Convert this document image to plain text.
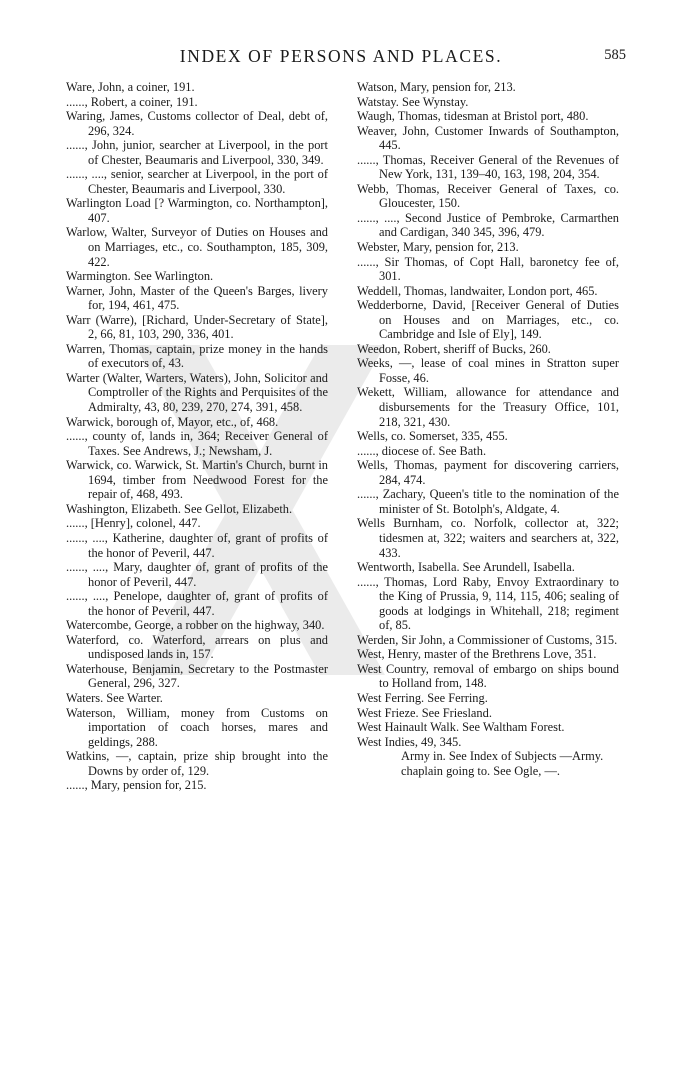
INDEX OF PERSONS AND PLACES.	585

Ware, John, a coiner, 191.

......, Robert, a coiner, 191.

Waring, James, Customs collector of Deal, debt of, 296, 324.

......, John, junior, searcher at Liverpool, in the port of Chester, Beaumaris and Liverpool, 330, 349.

......, ...., senior, searcher at Liverpool, in the port of Chester, Beaumaris and Liverpool, 330.

Warlington Load [? Warmington, co. Northampton], 407.

Warlow, Walter, Surveyor of Duties on Houses and on Marriages, etc., co. Southampton, 185, 309, 422.

Warmington. See Warlington.

Warner, John, Master of the Queen's Barges, livery for, 194, 461, 475.

Warr (Warre), [Richard, Under-Secretary of State], 2, 66, 81, 103, 290, 336, 401.

Warren, Thomas, captain, prize money in the hands of executors of, 43.

Warter (Walter, Warters, Waters), John, Solicitor and Comptroller of the Rights and Perquisites of the Admiralty, 43, 80, 239, 270, 274, 391, 458.

Warwick, borough of, Mayor, etc., of, 468.

......, county of, lands in, 364; Receiver General of Taxes. See Andrews, J.; Newsham, J.

Warwick, co. Warwick, St. Martin's Church, burnt in 1694, timber from Needwood Forest for the repair of, 468, 493.

Washington, Elizabeth. See Gellot, Elizabeth.

......, [Henry], colonel, 447.

......, ...., Katherine, daughter of, grant of profits of the honor of Peveril, 447.

......, ...., Mary, daughter of, grant of profits of the honor of Peveril, 447.

......, ...., Penelope, daughter of, grant of profits of the honor of Peveril, 447.

Watercombe, George, a robber on the highway, 340.

Waterford, co. Waterford, arrears on plus and undisposed lands in, 157.

Waterhouse, Benjamin, Secretary to the Postmaster General, 296, 327.

Waters. See Warter.

Waterson, William, money from Customs on importation of coach horses, mares and geldings, 288.

Watkins, —, captain, prize ship brought into the Downs by order of, 129.

......, Mary, pension for, 215.

Watson, Mary, pension for, 213.

Watstay. See Wynstay.

Waugh, Thomas, tidesman at Bristol port, 480.

Weaver, John, Customer Inwards of Southampton, 445.

......, Thomas, Receiver General of the Revenues of New York, 131, 139–40, 163, 198, 204, 354.

Webb, Thomas, Receiver General of Taxes, co. Gloucester, 150.

......, ...., Second Justice of Pembroke, Carmarthen and Cardigan, 340 345, 396, 479.

Webster, Mary, pension for, 213.

......, Sir Thomas, of Copt Hall, baronetcy fee of, 301.

Weddell, Thomas, landwaiter, London port, 465.

Wedderborne, David, [Receiver General of Duties on Houses and on Marriages, etc., co. Cambridge and Isle of Ely], 149.

Weedon, Robert, sheriff of Bucks, 260.

Weeks, —, lease of coal mines in Stratton super Fosse, 46.

Wekett, William, allowance for attendance and disbursements for the Treasury Office, 101, 218, 321, 430.

Wells, co. Somerset, 335, 455.

......, diocese of. See Bath.

Wells, Thomas, payment for discovering carriers, 284, 474.

......, Zachary, Queen's title to the nomination of the minister of St. Botolph's, Aldgate, 4.

Wells Burnham, co. Norfolk, collector at, 322; tidesmen at, 322; waiters and searchers at, 322, 433.

Wentworth, Isabella. See Arundell, Isabella.

......, Thomas, Lord Raby, Envoy Extraordinary to the King of Prussia, 9, 114, 115, 406; sealing of goods at lodgings in Whitehall, 218; regiment of, 85.

Werden, Sir John, a Commissioner of Customs, 315.

West, Henry, master of the Brethrens Love, 351.

West Country, removal of embargo on ships bound to Holland from, 148.

West Ferring. See Ferring.

West Frieze. See Friesland.

West Hainault Walk. See Waltham Forest.

West Indies, 49, 345.

Army in. See Index of Subjects —Army.

chaplain going to. See Ogle, —.
